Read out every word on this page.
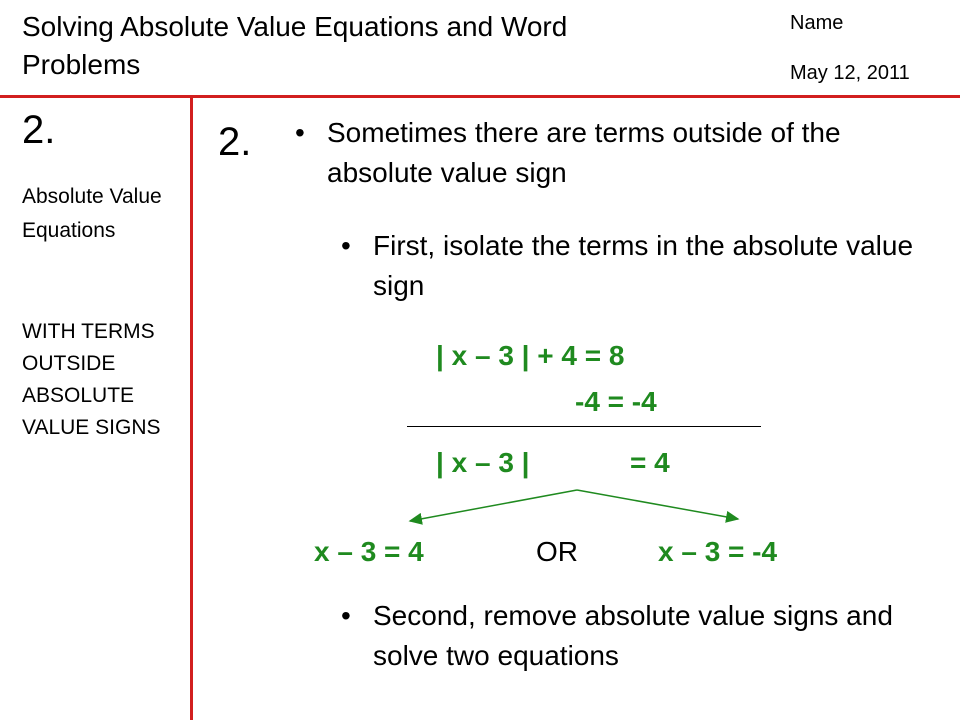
Solving Absolute Value Equations and Word Problems
Name
May 12, 2011
2.
Absolute Value Equations
WITH TERMS OUTSIDE ABSOLUTE VALUE SIGNS
2. • Sometimes there are terms outside of the absolute value sign
• First, isolate the terms in the absolute value sign
| x – 3 | + 4 = 8
-4 = -4
| x – 3 |	= 4
x – 3 = 4	OR	x – 3 = -4
• Second, remove absolute value signs and solve two equations
